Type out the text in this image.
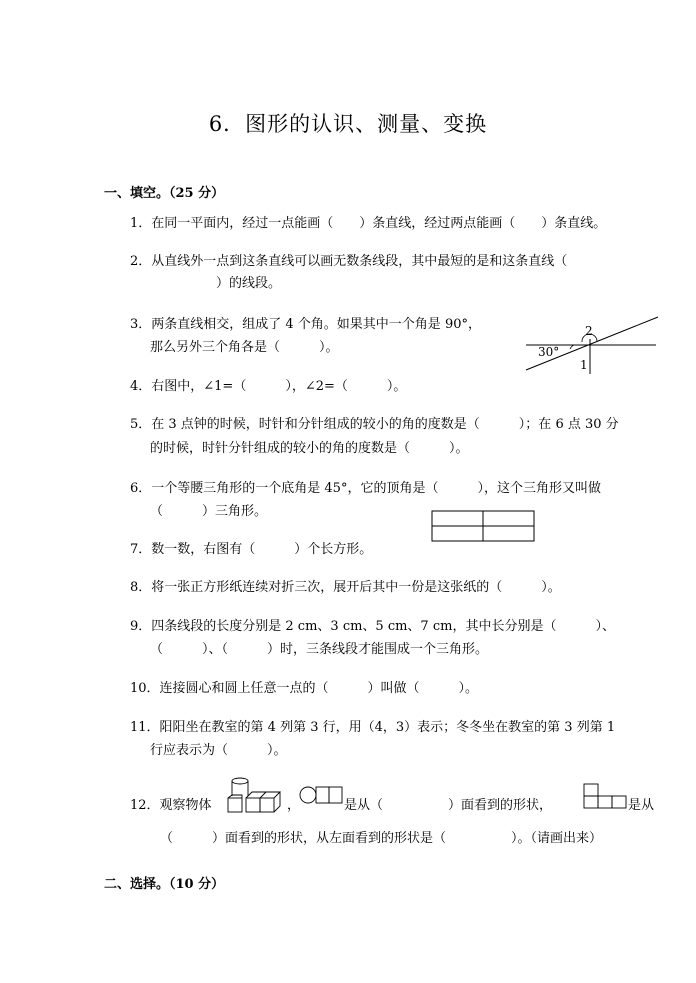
6．图形的认识、测量、变换
一、填空。（25 分）
1．在同一平面内，经过一点能画（　　）条直线，经过两点能画（　　）条直线。
2．从直线外一点到这条直线可以画无数条线段，其中最短的是和这条直线（
）的线段。
3．两条直线相交，组成了 4 个角。如果其中一个角是 90°，
那么另外三个角各是（　　　）。	30°
1
2
4．右图中，∠1=（　　　），∠2=（　　　）。
5．在 3 点钟的时候，时针和分针组成的较小的角的度数是（　　　）；在 6 点 30 分
的时候，时针分针组成的较小的角的度数是（　　　）。
6．一个等腰三角形的一个底角是 45°，它的顶角是（　　　），这个三角形又叫做
（　　　）三角形。
7．数一数，右图有（　　　）个长方形。
8．将一张正方形纸连续对折三次，展开后其中一份是这张纸的（　　　）。
9．四条线段的长度分别是 2 cm、3 cm、5 cm、7 cm，其中长分别是（　　　）、
（　　　）、（　　　）时，三条线段才能围成一个三角形。
10．连接圆心和圆上任意一点的（　　　）叫做（　　　）。
11．阳阳坐在教室的第 4 列第 3 行，用（4，3）表示；冬冬坐在教室的第 3 列第 1
行应表示为（　　　）。
12．观察物体	，	是从（　　　　　）面看到的形状，	是从
（　　　）面看到的形状，从左面看到的形状是（　　　　　）。（请画出来）
二、选择。（10 分）
